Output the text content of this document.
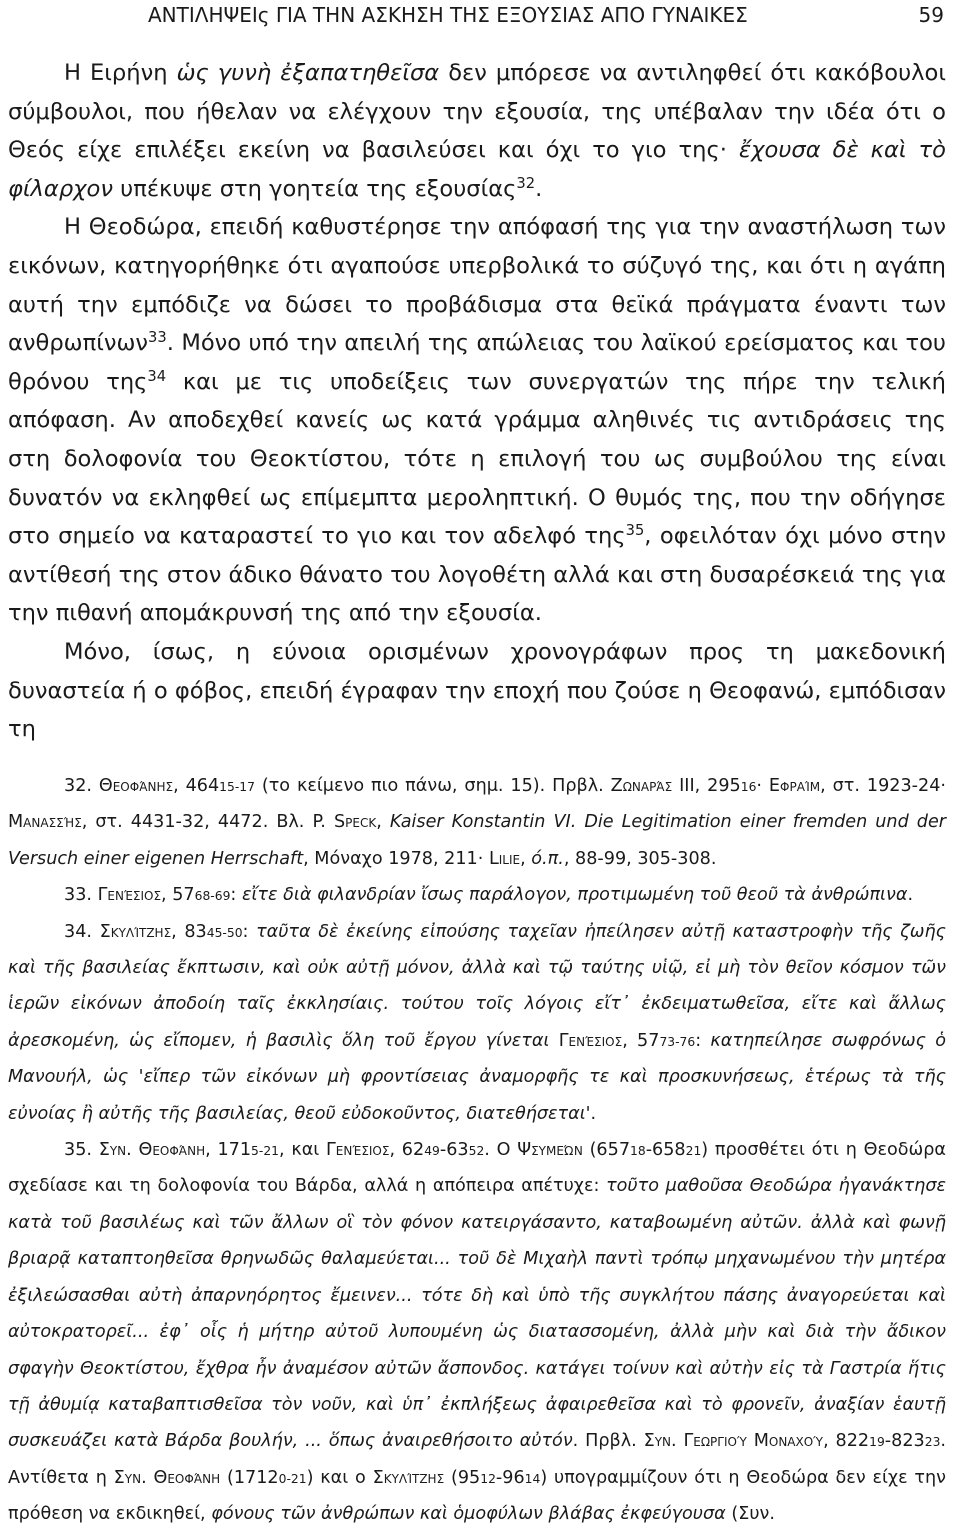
ΑΝΤΙΛΗΨΕΙς ΓΙΑ ΤΗΝ ΑΣΚΗΣΗ ΤΗΣ ΕΞΟΥΣΙΑΣ ΑΠΟ ΓΥΝΑΙΚΕΣ	59

Η Ειρήνη ὡς γυνὴ ἐξαπατηθεῖσα δεν μπόρεσε να αντιληφθεί ότι κακόβουλοι σύμβουλοι, που ήθελαν να ελέγχουν την εξουσία, της υπέβαλαν την ιδέα ότι ο Θεός είχε επιλέξει εκείνη να βασιλεύσει και όχι το γιο της· ἔχουσα δὲ καὶ τὸ φίλαρχον υπέκυψε στη γοητεία της εξουσίας$^{32}$.

Η Θεοδώρα, επειδή καθυστέρησε την απόφασή της για την αναστήλωση των εικόνων, κατηγορήθηκε ότι αγαπούσε υπερβολικά το σύζυγό της, και ότι η αγάπη αυτή την εμπόδιζε να δώσει το προβάδισμα στα θεϊκά πράγματα έναντι των ανθρωπίνων$^{33}$. Μόνο υπό την απειλή της απώλειας του λαϊκού ερείσματος και του θρόνου της$^{34}$ και με τις υποδείξεις των συνεργατών της πήρε την τελική απόφαση. Αν αποδεχθεί κανείς ως κατά γράμμα αληθινές τις αντιδράσεις της στη δολοφονία του Θεοκτίστου, τότε η επιλογή του ως συμβούλου της είναι δυνατόν να εκληφθεί ως επίμεμπτα μεροληπτική. Ο θυμός της, που την οδήγησε στο σημείο να καταραστεί το γιο και τον αδελφό της$^{35}$, οφειλόταν όχι μόνο στην αντίθεσή της στον άδικο θάνατο του λογοθέτη αλλά και στη δυσαρέσκειά της για την πιθανή απομάκρυνσή της από την εξουσία.

Μόνο, ίσως, η εύνοια ορισμένων χρονογράφων προς τη μακεδονική δυναστεία ή ο φόβος, επειδή έγραφαν την εποχή που ζούσε η Θεοφανώ, εμπόδισαν τη

32. Θεοφάνης, 46415-17 (το κείμενο πιο πάνω, σημ. 15). Πρβλ. Ζωναράς III, 29516· Εφραίμ, στ. 1923-24· Μανασσής, στ. 4431-32, 4472. Βλ. P. Speck, Kaiser Konstantin VI. Die Legitimation einer fremden und der Versuch einer eigenen Herrschaft, Μόναχο 1978, 211· Lilie, ό.π., 88-99, 305-308.

33. Γενέσιος, 5768-69: εἴτε διὰ φιλανδρίαν ἴσως παράλογον, προτιμωμένη τοῦ θεοῦ τὰ ἀνθρώπινα.

34. Σκυλίτζης, 8345-50: ταῦτα δὲ ἐκείνης εἰπούσης ταχεῖαν ἠπείλησεν αὐτῇ καταστροφὴν τῆς ζωῆς καὶ τῆς βασιλείας ἔκπτωσιν, καὶ οὐκ αὐτῇ μόνον, ἀλλὰ καὶ τῷ ταύτης υἱῷ, εἰ μὴ τὸν θεῖον κόσμον τῶν ἱερῶν εἰκόνων ἀποδοίη ταῖς ἐκκλησίαις. τούτου τοῖς λόγοις εἴτ᾽ ἐκδειματωθεῖσα, εἴτε καὶ ἄλλως ἀρεσκομένη, ὡς εἴπομεν, ἡ βασιλὶς ὅλη τοῦ ἔργου γίνεται Γενέσιος, 5773-76: κατηπείλησε σωφρόνως ὁ Μανουήλ, ὡς 'εἴπερ τῶν εἰκόνων μὴ φροντίσειας ἀναμορφῆς τε καὶ προσκυνήσεως, ἑτέρως τὰ τῆς εὐνοίας ἢ αὐτῆς τῆς βασιλείας, θεοῦ εὐδοκοῦντος, διατεθήσεται'.

35. Συν. Θεοφάνη, 1715-21, και Γενέσιος, 6249-6352. Ο Ψσυμεών (65718-65821) προσθέτει ότι η Θεοδώρα σχεδίασε και τη δολοφονία του Βάρδα, αλλά η απόπειρα απέτυχε: τοῦτο μαθοῦσα Θεοδώρα ἠγανάκτησε κατὰ τοῦ βασιλέως καὶ τῶν ἄλλων οἳ τὸν φόνον κατειργάσαντο, καταβοωμένη αὐτῶν. ἀλλὰ καὶ φωνῇ βριαρᾷ καταπτοηθεῖσα θρηνωδῶς θαλαμεύεται... τοῦ δὲ Μιχαὴλ παντὶ τρόπῳ μηχανωμένου τὴν μητέρα ἐξιλεώσασθαι αὐτὴ ἀπαρνηόρητος ἔμεινεν... τότε δὴ καὶ ὑπὸ τῆς συγκλήτου πάσης ἀναγορεύεται καὶ αὐτοκρατορεῖ... ἐφ᾽ οἷς ἡ μήτηρ αὐτοῦ λυπουμένη ὡς διατασσομένη, ἀλλὰ μὴν καὶ διὰ τὴν ἄδικον σφαγὴν Θεοκτίστου, ἔχθρα ἦν ἀναμέσον αὐτῶν ἄσπονδος. κατάγει τοίνυν καὶ αὐτὴν εἰς τὰ Γαστρία ἥτις τῇ ἀθυμίᾳ καταβαπτισθεῖσα τὸν νοῦν, καὶ ὑπ᾽ ἐκπλήξεως ἀφαιρεθεῖσα καὶ τὸ φρονεῖν, ἀναξίαν ἑαυτῇ συσκευάζει κατὰ Βάρδα βουλήν, ... ὅπως ἀναιρεθήσοιτο αὐτόν. Πρβλ. Συν. Γεωργιού Μοναχού, 82219-82323. Αντίθετα η Συν. Θεοφάνη (17120-21) και ο Σκυλίτζης (9512-9614) υπογραμμίζουν ότι η Θεοδώρα δεν είχε την πρόθεση να εκδικηθεί, φόνους τῶν ἀνθρώπων καὶ ὁμοφύλων βλάβας ἐκφεύγουσα (Συν.
